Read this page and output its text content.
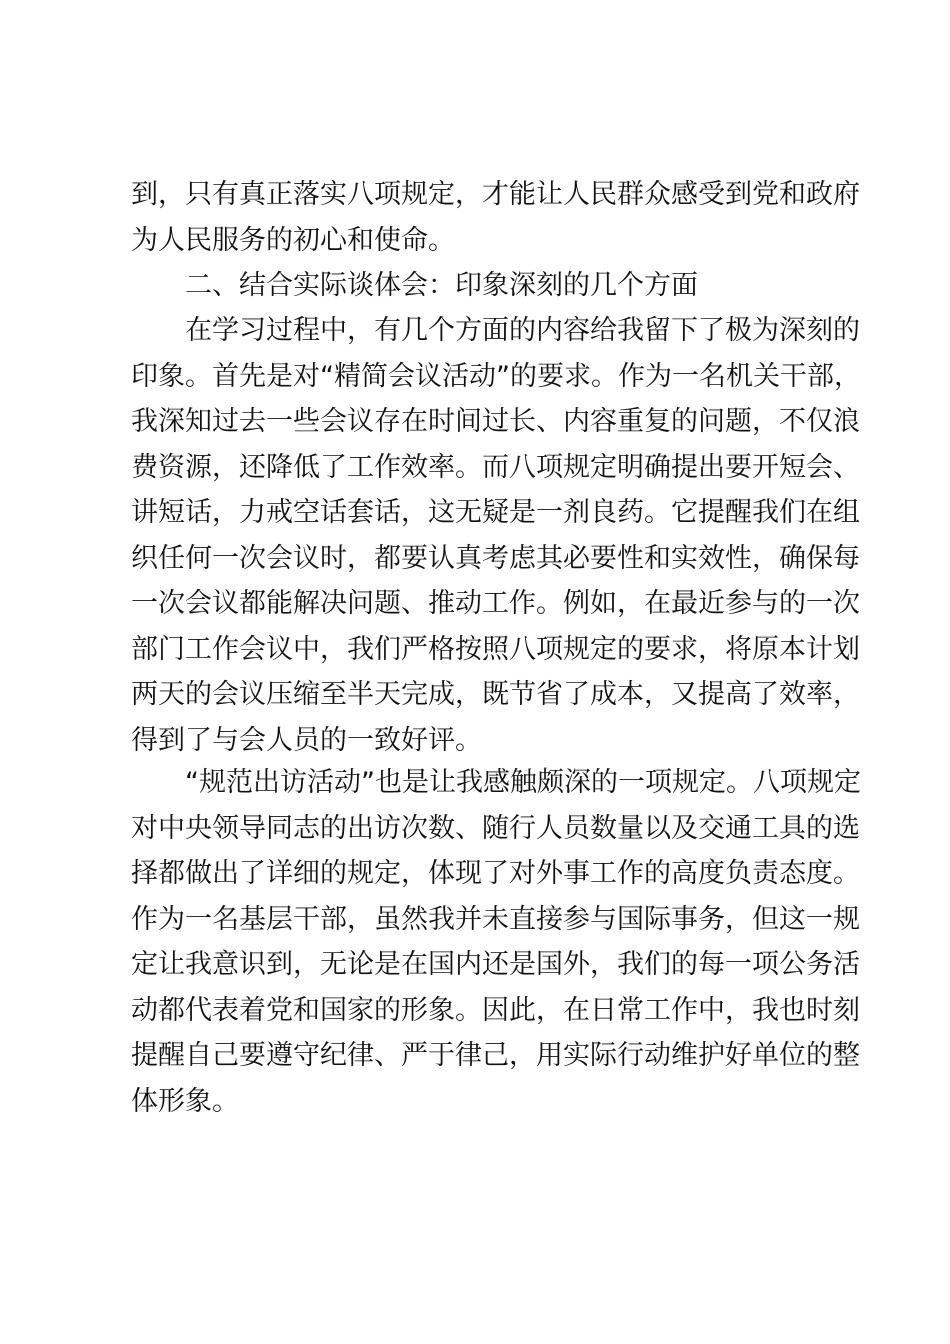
到，只有真正落实八项规定，才能让人民群众感受到党和政府
为人民服务的初心和使命。
二、结合实际谈体会：印象深刻的几个方面
在学习过程中，有几个方面的内容给我留下了极为深刻的
印象。首先是对“精简会议活动”的要求。作为一名机关干部，
我深知过去一些会议存在时间过长、内容重复的问题，不仅浪
费资源，还降低了工作效率。而八项规定明确提出要开短会、
讲短话，力戒空话套话，这无疑是一剂良药。它提醒我们在组
织任何一次会议时，都要认真考虑其必要性和实效性，确保每
一次会议都能解决问题、推动工作。例如，在最近参与的一次
部门工作会议中，我们严格按照八项规定的要求，将原本计划
两天的会议压缩至半天完成，既节省了成本，又提高了效率，
得到了与会人员的一致好评。
“规范出访活动”也是让我感触颇深的一项规定。八项规定
对中央领导同志的出访次数、随行人员数量以及交通工具的选
择都做出了详细的规定，体现了对外事工作的高度负责态度。
作为一名基层干部，虽然我并未直接参与国际事务，但这一规
定让我意识到，无论是在国内还是国外，我们的每一项公务活
动都代表着党和国家的形象。因此，在日常工作中，我也时刻
提醒自己要遵守纪律、严于律己，用实际行动维护好单位的整
体形象。
